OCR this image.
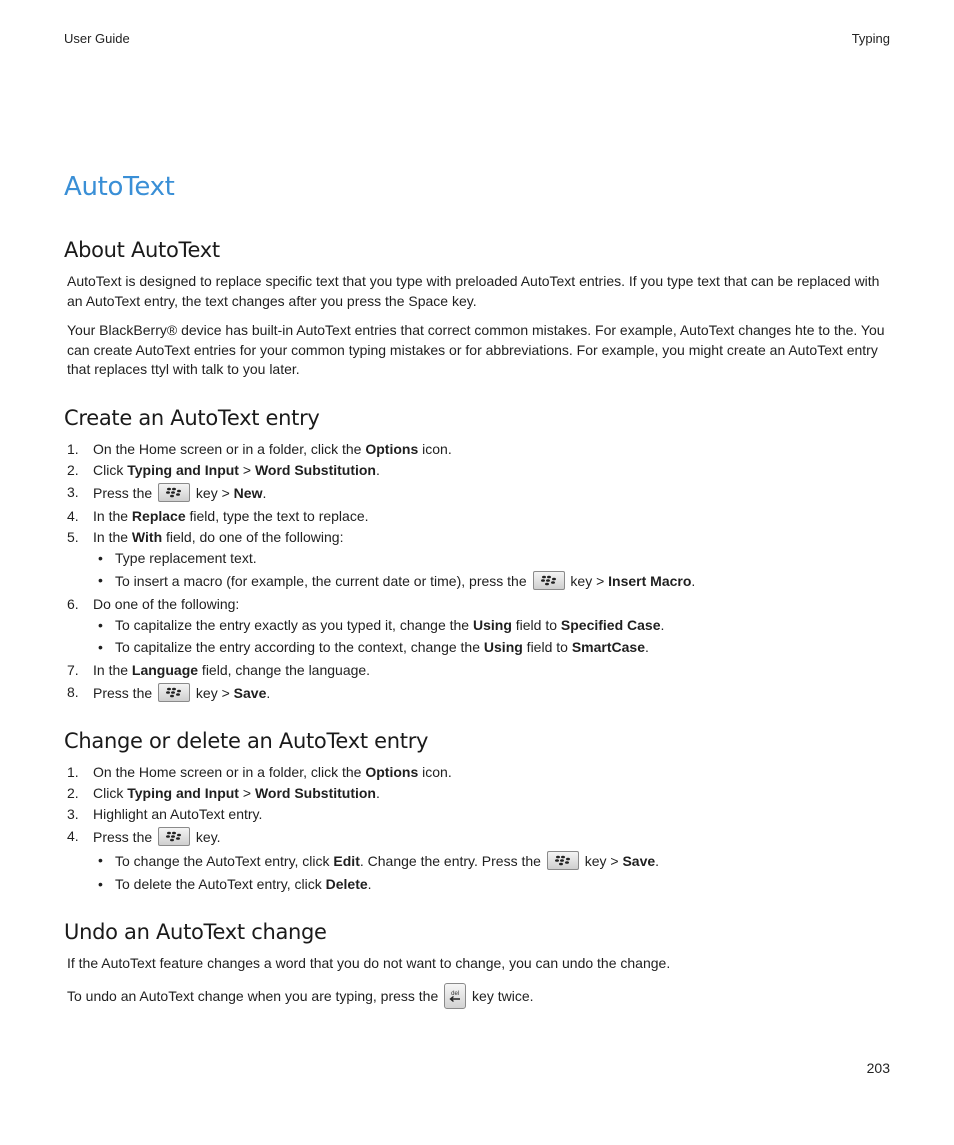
User Guide	Typing
AutoText
About AutoText

AutoText is designed to replace specific text that you type with preloaded AutoText entries. If you type text that can be replaced with an AutoText entry, the text changes after you press the Space key.

Your BlackBerry® device has built-in AutoText entries that correct common mistakes. For example, AutoText changes hte to the. You can create AutoText entries for your common typing mistakes or for abbreviations. For example, you might create an AutoText entry that replaces ttyl with talk to you later.

Create an AutoText entry
1. On the Home screen or in a folder, click the Options icon.
2. Click Typing and Input > Word Substitution.
3. Press the	key > New.
4. In the Replace field, type the text to replace.
5. In the With field, do one of the following:
• Type replacement text.
• To insert a macro (for example, the current date or time), press the	key > Insert Macro.
6. Do one of the following:
• To capitalize the entry exactly as you typed it, change the Using field to Specified Case.
• To capitalize the entry according to the context, change the Using field to SmartCase.
7. In the Language field, change the language.
8. Press the	key > Save.
Change or delete an AutoText entry
1. On the Home screen or in a folder, click the Options icon.
2. Click Typing and Input > Word Substitution.
3. Highlight an AutoText entry.
4. Press the	key.
• To change the AutoText entry, click Edit. Change the entry. Press the	key > Save.
• To delete the AutoText entry, click Delete.
Undo an AutoText change

If the AutoText feature changes a word that you do not want to change, you can undo the change.

To undo an AutoText change when you are typing, press the	del key twice.

203
